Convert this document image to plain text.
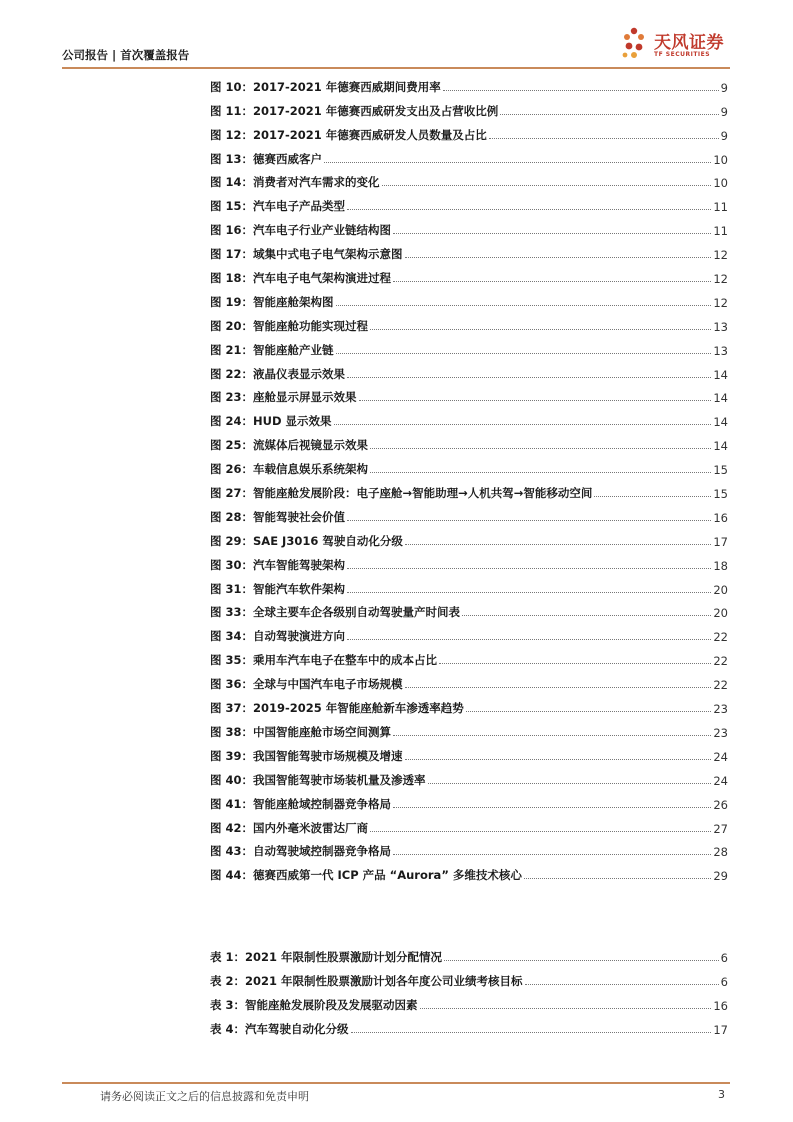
公司报告 | 首次覆盖报告
天风证券
TF SECURITIES
图 10：2017-2021 年德赛西威期间费用率	9
图 11：2017-2021 年德赛西威研发支出及占营收比例	9
图 12：2017-2021 年德赛西威研发人员数量及占比	9
图 13：德赛西威客户	10
图 14：消费者对汽车需求的变化	10
图 15：汽车电子产品类型	11
图 16：汽车电子行业产业链结构图	11
图 17：域集中式电子电气架构示意图	12
图 18：汽车电子电气架构演进过程	12
图 19：智能座舱架构图	12
图 20：智能座舱功能实现过程	13
图 21：智能座舱产业链	13
图 22：液晶仪表显示效果	14
图 23：座舱显示屏显示效果	14
图 24：HUD 显示效果	14
图 25：流媒体后视镜显示效果	14
图 26：车载信息娱乐系统架构	15
图 27：智能座舱发展阶段：电子座舱→智能助理→人机共驾→智能移动空间	15
图 28：智能驾驶社会价值	16
图 29：SAE J3016 驾驶自动化分级	17
图 30：汽车智能驾驶架构	18
图 31：智能汽车软件架构	20
图 33：全球主要车企各级别自动驾驶量产时间表	20
图 34：自动驾驶演进方向	22
图 35：乘用车汽车电子在整车中的成本占比	22
图 36：全球与中国汽车电子市场规模	22
图 37：2019-2025 年智能座舱新车渗透率趋势	23
图 38：中国智能座舱市场空间测算	23
图 39：我国智能驾驶市场规模及增速	24
图 40：我国智能驾驶市场装机量及渗透率	24
图 41：智能座舱域控制器竞争格局	26
图 42：国内外毫米波雷达厂商	27
图 43：自动驾驶域控制器竞争格局	28
图 44：德赛西威第一代 ICP 产品 “Aurora” 多维技术核心	29
表 1：2021 年限制性股票激励计划分配情况	6
表 2：2021 年限制性股票激励计划各年度公司业绩考核目标	6
表 3：智能座舱发展阶段及发展驱动因素	16
表 4：汽车驾驶自动化分级	17
请务必阅读正文之后的信息披露和免责申明	3
